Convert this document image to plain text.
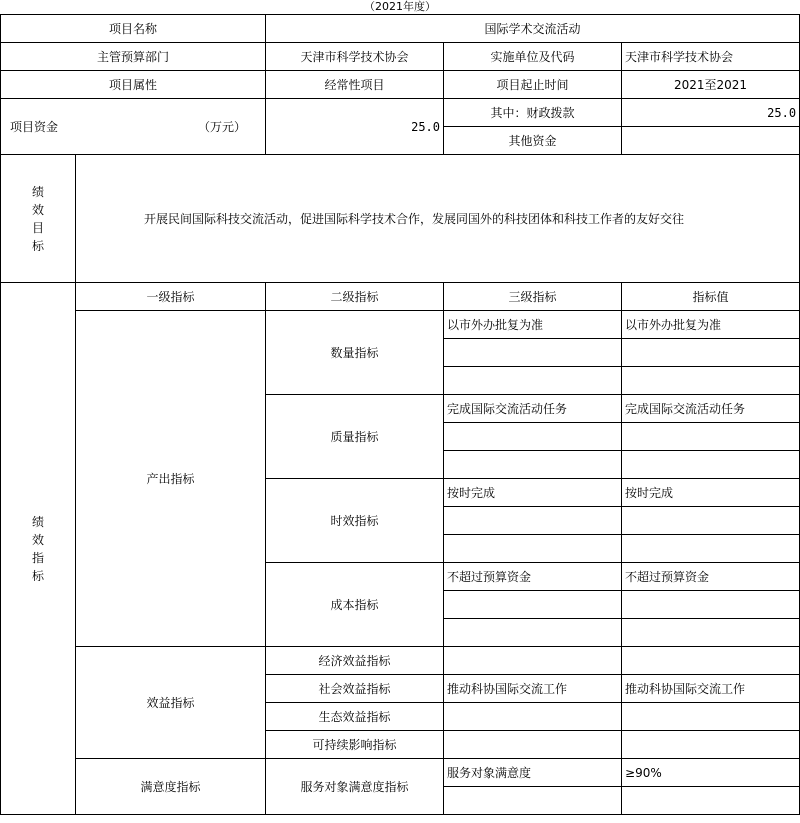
（2021年度）
项目名称		国际学术交流活动		
主管预算部门		天津市科学技术协会	实施单位及代码	天津市科学技术协会
项目属性		经常性项目	项目起止时间	2021至2021

项目资金 （万元）		25.0	其中：财政拨款	25.0
			其他资金	

绩效目标	开展民间国际科技交流活动，促进国际科学技术合作，发展同国外的科技团体和科技工作者的友好交往			

绩效指标	一级指标	二级指标	三级指标	指标值
	产出指标	数量指标	以市外办批复为准	以市外办批复为准

		质量指标	完成国际交流活动任务	完成国际交流活动任务

		时效指标	按时完成	按时完成

		成本指标	不超过预算资金	不超过预算资金

	效益指标	经济效益指标		
		社会效益指标	推动科协国际交流工作	推动科协国际交流工作
		生态效益指标		
		可持续影响指标		
	满意度指标	服务对象满意度指标	服务对象满意度	≥90%
